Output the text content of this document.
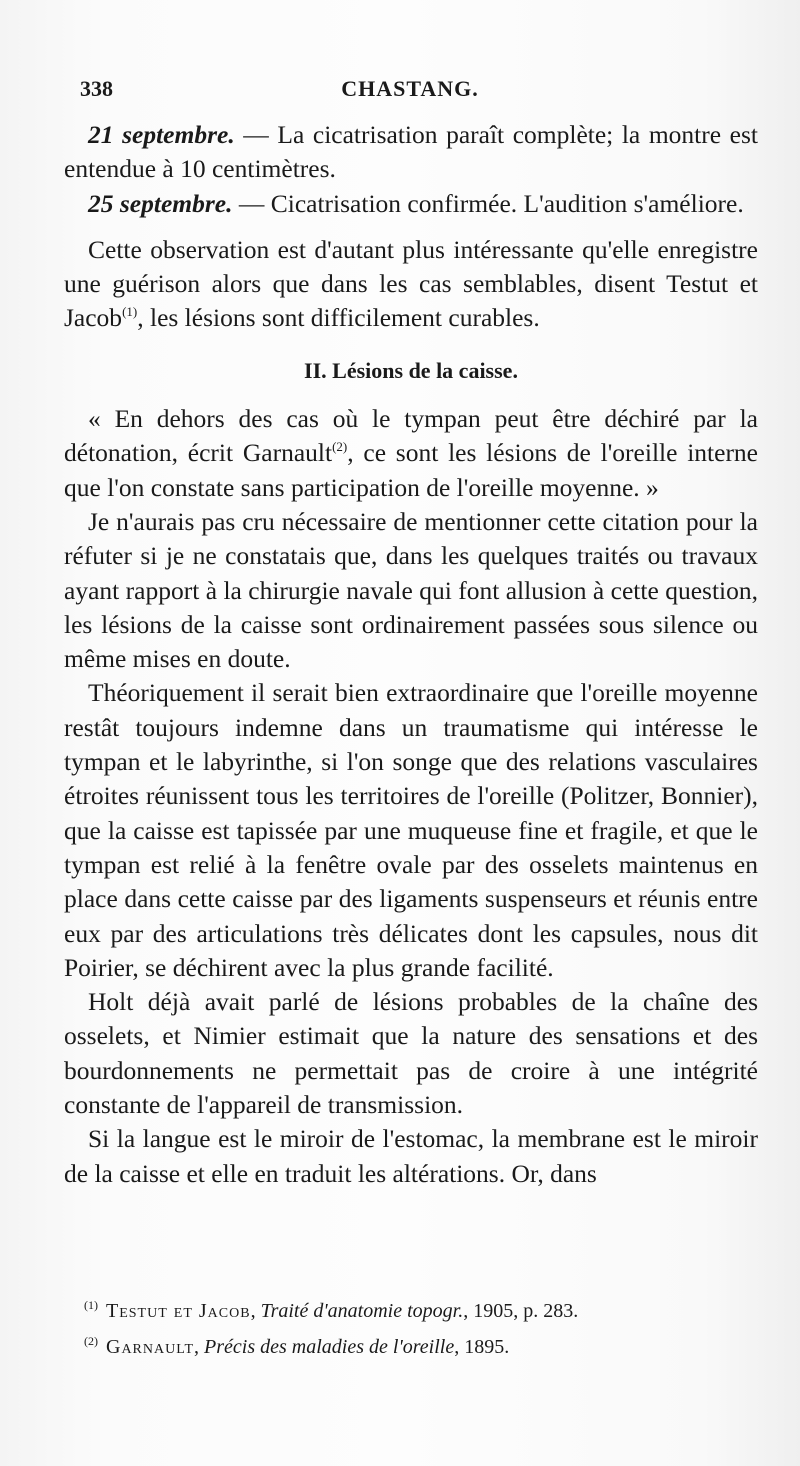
338	CHASTANG.

21 septembre. — La cicatrisation paraît complète; la montre est entendue à 10 centimètres.

25 septembre. — Cicatrisation confirmée. L'audition s'améliore.

Cette observation est d'autant plus intéressante qu'elle enregistre une guérison alors que dans les cas semblables, disent Testut et Jacob$^{(1)}$, les lésions sont difficilement curables.

II. Lésions de la caisse.

« En dehors des cas où le tympan peut être déchiré par la détonation, écrit Garnault$^{(2)}$, ce sont les lésions de l'oreille interne que l'on constate sans participation de l'oreille moyenne. »

Je n'aurais pas cru nécessaire de mentionner cette citation pour la réfuter si je ne constatais que, dans les quelques traités ou travaux ayant rapport à la chirurgie navale qui font allusion à cette question, les lésions de la caisse sont ordinairement passées sous silence ou même mises en doute.

Théoriquement il serait bien extraordinaire que l'oreille moyenne restât toujours indemne dans un traumatisme qui intéresse le tympan et le labyrinthe, si l'on songe que des relations vasculaires étroites réunissent tous les territoires de l'oreille (Politzer, Bonnier), que la caisse est tapissée par une muqueuse fine et fragile, et que le tympan est relié à la fenêtre ovale par des osselets maintenus en place dans cette caisse par des ligaments suspenseurs et réunis entre eux par des articulations très délicates dont les capsules, nous dit Poirier, se déchirent avec la plus grande facilité.

Holt déjà avait parlé de lésions probables de la chaîne des osselets, et Nimier estimait que la nature des sensations et des bourdonnements ne permettait pas de croire à une intégrité constante de l'appareil de transmission.

Si la langue est le miroir de l'estomac, la membrane est le miroir de la caisse et elle en traduit les altérations. Or, dans

$^{(1)}$ Testut et Jacob, Traité d'anatomie topogr., 1905, p. 283.

$^{(2)}$ Garnault, Précis des maladies de l'oreille, 1895.
